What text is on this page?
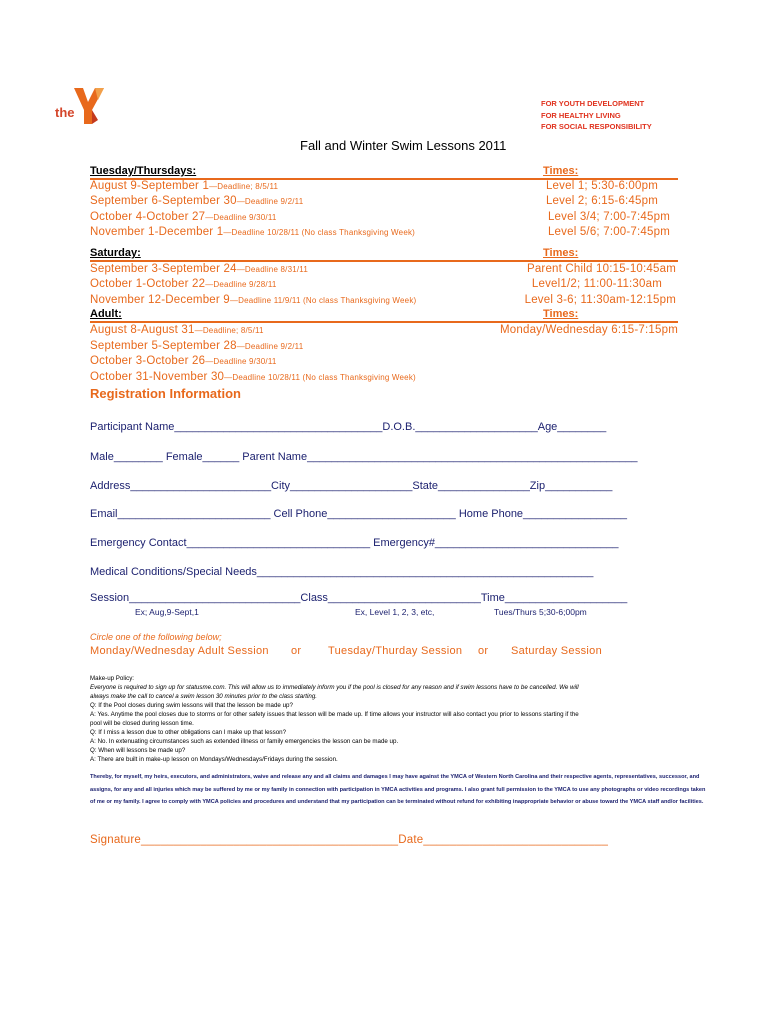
the
FOR YOUTH DEVELOPMENT
FOR HEALTHY LIVING
FOR SOCIAL RESPONSIBILITY
Fall and Winter Swim Lessons 2011
Tuesday/Thursdays:	Times:
August 9-September 1—Deadline; 8/5/11	Level 1; 5:30-6:00pm
September 6-September 30—Deadline 9/2/11	Level 2; 6:15-6:45pm
October 4-October 27—Deadline 9/30/11	Level 3/4; 7:00-7:45pm
November 1-December 1—Deadline 10/28/11 (No class Thanksgiving Week)	Level 5/6; 7:00-7:45pm
Saturday:	Times:
September 3-September 24—Deadline 8/31/11	Parent Child 10:15-10:45am
October 1-October 22—Deadline 9/28/11	Level1/2; 11:00-11:30am
November 12-December 9—Deadline 11/9/11 (No class Thanksgiving Week)	Level 3-6; 11:30am-12:15pm
Adult:	Times:
August 8-August 31—Deadline; 8/5/11	Monday/Wednesday 6:15-7:15pm
September 5-September 28—Deadline 9/2/11
October 3-October 26—Deadline 9/30/11
October 31-November 30—Deadline 10/28/11 (No class Thanksgiving Week)
Registration Information
Participant Name__________________________________D.O.B.____________________Age________
Male________ Female______ Parent Name______________________________________________________
Address_______________________City____________________State_______________Zip___________
Email_________________________ Cell Phone_____________________ Home Phone_________________
Emergency Contact______________________________ Emergency#______________________________
Medical Conditions/Special Needs_______________________________________________________
Session____________________________Class_________________________Time____________________
Ex; Aug,9-Sept,1	Ex, Level 1, 2, 3, etc,	Tues/Thurs 5;30-6;00pm
Circle one of the following below;
Monday/Wednesday Adult Session or Tuesday/Thurday Session or Saturday Session
Make-up Policy:
Everyone is required to sign up for statusme.com. This will allow us to immediately inform you if the pool is closed for any reason and if swim lessons have to be cancelled. We will
always make the call to cancel a swim lesson 30 minutes prior to the class starting.
Q: If the Pool closes during swim lessons will that the lesson be made up?
A: Yes. Anytime the pool closes due to storms or for other safety issues that lesson will be made up. If time allows your instructor will also contact you prior to lessons starting if the
pool will be closed during lesson time.
Q: If I miss a lesson due to other obligations can I make up that lesson?
A: No. In extenuating circumstances such as extended illness or family emergencies the lesson can be made up.
Q: When will lessons be made up?
A: There are built in make-up lesson on Mondays/Wednesdays/Fridays during the session.
Thereby, for myself, my heirs, executors, and administrators, waive and release any and all claims and damages I may have against the YMCA of Western North Carolina and their respective agents, representatives, successor, and assigns, for any and all injuries which may be suffered by me or my family in connection with participation in YMCA activities and programs. I also grant full permission to the YMCA to use any photographs or video recordings taken of me or my family. I agree to comply with YMCA policies and procedures and understand that my participation can be terminated without refund for exhibiting inappropriate behavior or abuse toward the YMCA staff and/or facilities.
Signature_______________________________________Date____________________________
